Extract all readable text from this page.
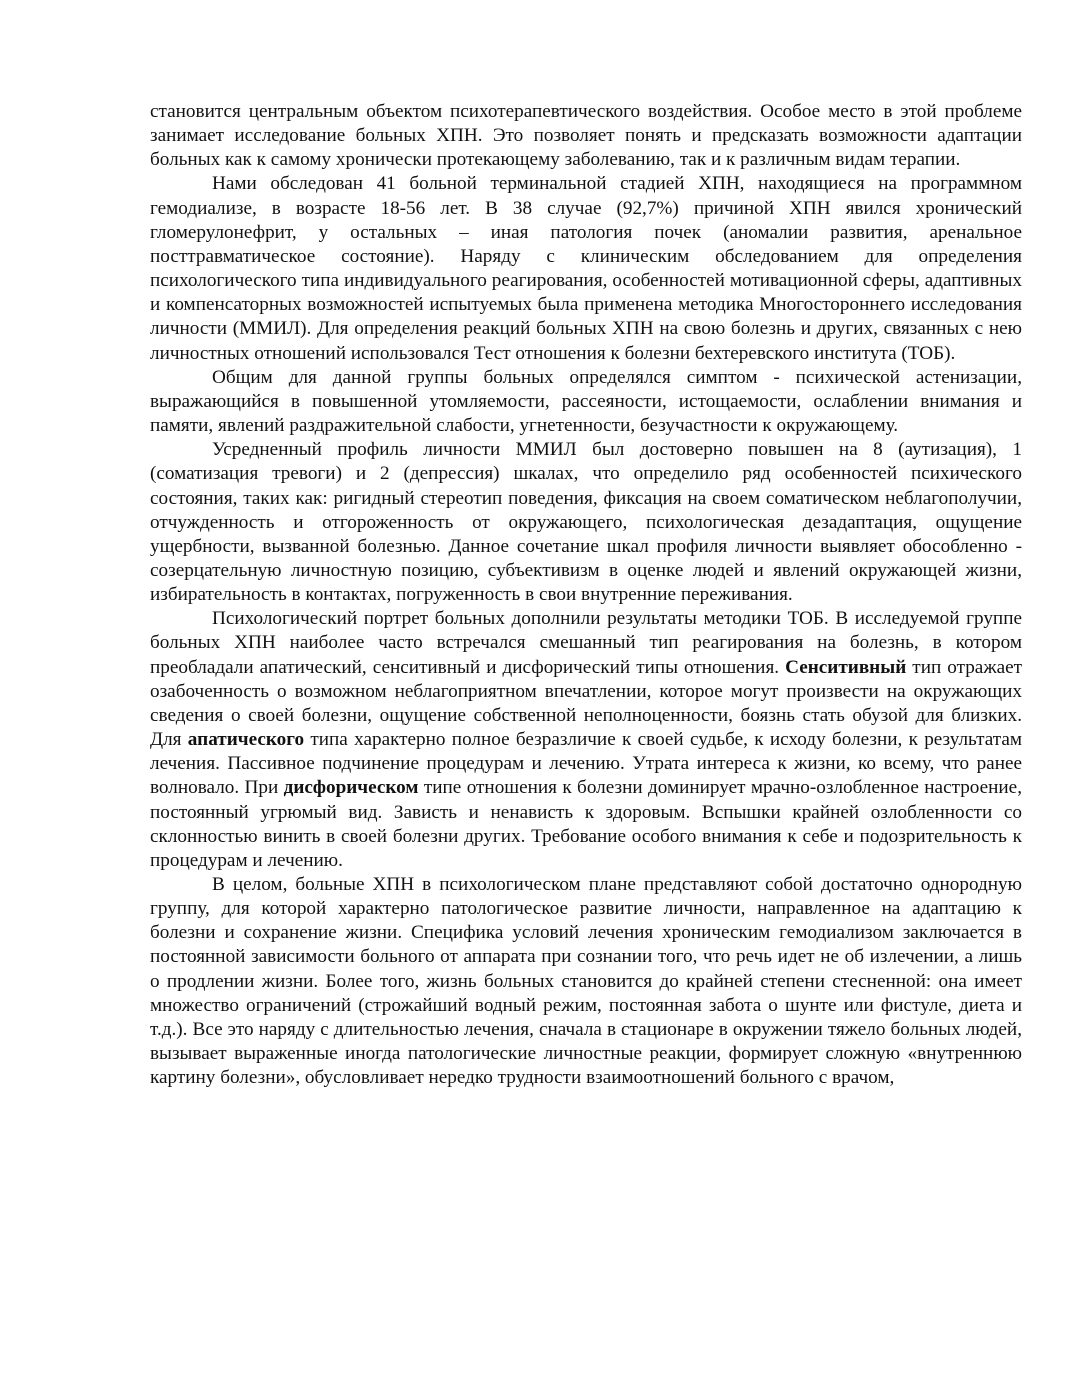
становится центральным объектом психотерапевтического воздействия. Особое место в этой проблеме занимает исследование больных ХПН. Это позволяет понять и предсказать возможности адаптации больных как к самому хронически протекающему заболеванию, так и к различным видам терапии.

Нами обследован 41 больной терминальной стадией ХПН, находящиеся на программном гемодиализе, в возрасте 18-56 лет. В 38 случае (92,7%) причиной ХПН явился хронический гломерулонефрит, у остальных – иная патология почек (аномалии развития, аренальное посттравматическое состояние). Наряду с клиническим обследованием для определения психологического типа индивидуального реагирования, особенностей мотивационной сферы, адаптивных и компенсаторных возможностей испытуемых была применена методика Многостороннего исследования личности (ММИЛ). Для определения реакций больных ХПН на свою болезнь и других, связанных с нею личностных отношений использовался Тест отношения к болезни бехтеревского института (ТОБ).

Общим для данной группы больных определялся симптом - психической астенизации, выражающийся в повышенной утомляемости, рассеяности, истощаемости, ослаблении внимания и памяти, явлений раздражительной слабости, угнетенности, безучастности к окружающему.

Усредненный профиль личности ММИЛ был достоверно повышен на 8 (аутизация), 1 (соматизация тревоги) и 2 (депрессия) шкалах, что определило ряд особенностей психического состояния, таких как: ригидный стереотип поведения, фиксация на своем соматическом неблагополучии, отчужденность и отгороженность от окружающего, психологическая дезадаптация, ощущение ущербности, вызванной болезнью. Данное сочетание шкал профиля личности выявляет обособленно - созерцательную личностную позицию, субъективизм в оценке людей и явлений окружающей жизни, избирательность в контактах, погруженность в свои внутренние переживания.

Психологический портрет больных дополнили результаты методики ТОБ. В исследуемой группе больных ХПН наиболее часто встречался смешанный тип реагирования на болезнь, в котором преобладали апатический, сенситивный и дисфорический типы отношения. Сенситивный тип отражает озабоченность о возможном неблагоприятном впечатлении, которое могут произвести на окружающих сведения о своей болезни, ощущение собственной неполноценности, боязнь стать обузой для близких. Для апатического типа характерно полное безразличие к своей судьбе, к исходу болезни, к результатам лечения. Пассивное подчинение процедурам и лечению. Утрата интереса к жизни, ко всему, что ранее волновало. При дисфорическом типе отношения к болезни доминирует мрачно-озлобленное настроение, постоянный угрюмый вид. Зависть и ненависть к здоровым. Вспышки крайней озлобленности со склонностью винить в своей болезни других. Требование особого внимания к себе и подозрительность к процедурам и лечению.

В целом, больные ХПН в психологическом плане представляют собой достаточно однородную группу, для которой характерно патологическое развитие личности, направленное на адаптацию к болезни и сохранение жизни. Специфика условий лечения хроническим гемодиализом заключается в постоянной зависимости больного от аппарата при сознании того, что речь идет не об излечении, а лишь о продлении жизни. Более того, жизнь больных становится до крайней степени стесненной: она имеет множество ограничений (строжайший водный режим, постоянная забота о шунте или фистуле, диета и т.д.). Все это наряду с длительностью лечения, сначала в стационаре в окружении тяжело больных людей, вызывает выраженные иногда патологические личностные реакции, формирует сложную «внутреннюю картину болезни», обусловливает нередко трудности взаимоотношений больного с врачом,
